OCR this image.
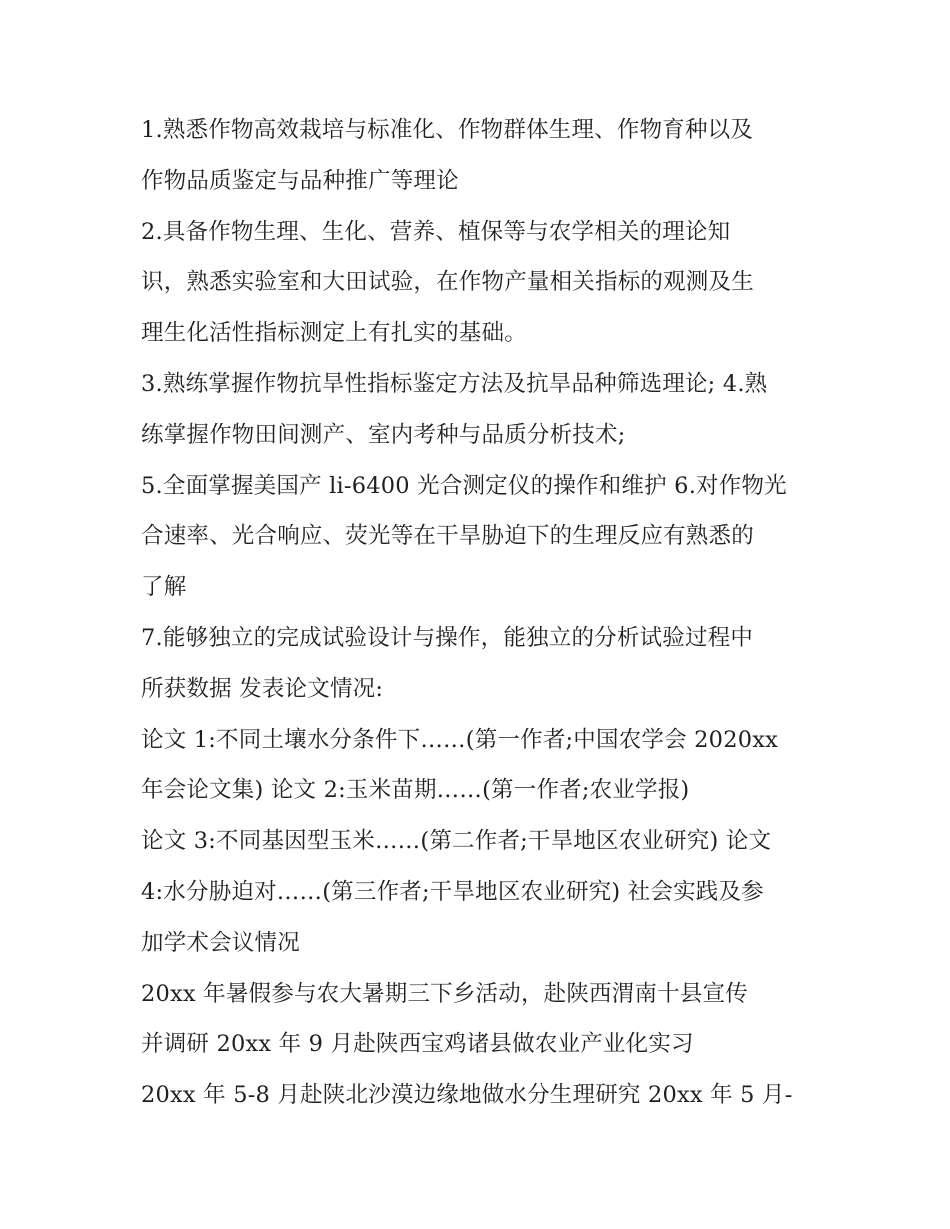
1.熟悉作物高效栽培与标准化、作物群体生理、作物育种以及
作物品质鉴定与品种推广等理论
2.具备作物生理、生化、营养、植保等与农学相关的理论知
识，熟悉实验室和大田试验，在作物产量相关指标的观测及生
理生化活性指标测定上有扎实的基础。
3.熟练掌握作物抗旱性指标鉴定方法及抗旱品种筛选理论; 4.熟
练掌握作物田间测产、室内考种与品质分析技术;
5.全面掌握美国产 li-6400 光合测定仪的操作和维护 6.对作物光
合速率、光合响应、荧光等在干旱胁迫下的生理反应有熟悉的
了解
7.能够独立的完成试验设计与操作，能独立的分析试验过程中
所获数据 发表论文情况:
论文 1:不同土壤水分条件下……(第一作者;中国农学会 2020xx
年会论文集) 论文 2:玉米苗期……(第一作者;农业学报)
论文 3:不同基因型玉米……(第二作者;干旱地区农业研究) 论文
4:水分胁迫对……(第三作者;干旱地区农业研究) 社会实践及参
加学术会议情况
20xx 年暑假参与农大暑期三下乡活动，赴陕西渭南十县宣传
并调研 20xx 年 9 月赴陕西宝鸡诸县做农业产业化实习
20xx 年 5-8 月赴陕北沙漠边缘地做水分生理研究 20xx 年 5 月-
